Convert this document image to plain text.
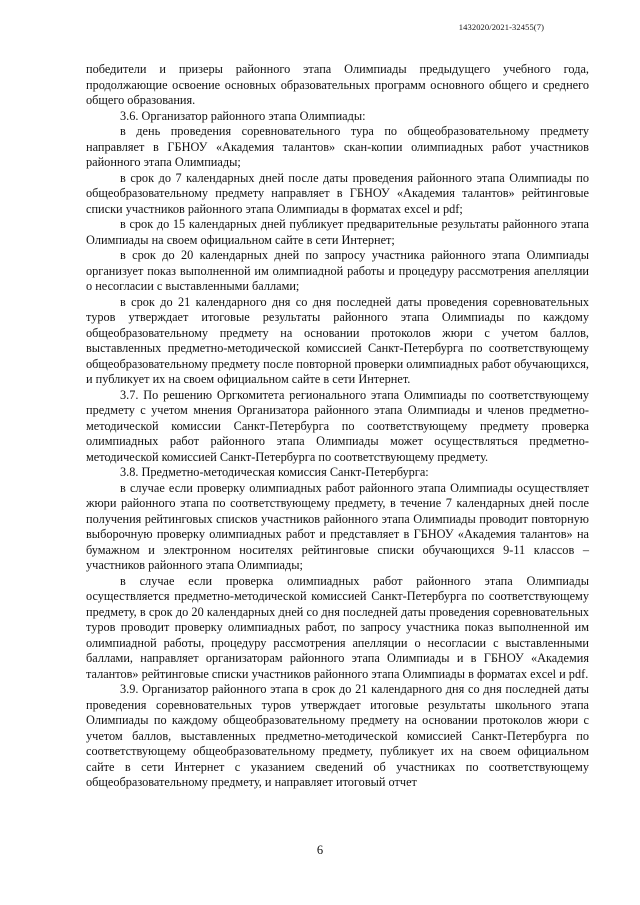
1432020/2021-32455(7)

победители и призеры районного этапа Олимпиады предыдущего учебного года, продолжающие освоение основных образовательных программ основного общего и среднего общего образования.

3.6. Организатор районного этапа Олимпиады:

в день проведения соревновательного тура по общеобразовательному предмету направляет в ГБНОУ «Академия талантов» скан-копии олимпиадных работ участников районного этапа Олимпиады;

в срок до 7 календарных дней после даты проведения районного этапа Олимпиады по общеобразовательному предмету направляет в ГБНОУ «Академия талантов» рейтинговые списки участников районного этапа Олимпиады в форматах excel и pdf;

в срок до 15 календарных дней публикует предварительные результаты районного этапа Олимпиады на своем официальном сайте в сети Интернет;

в срок до 20 календарных дней по запросу участника районного этапа Олимпиады организует показ выполненной им олимпиадной работы и процедуру рассмотрения апелляции о несогласии с выставленными баллами;

в срок до 21 календарного дня со дня последней даты проведения соревновательных туров утверждает итоговые результаты районного этапа Олимпиады по каждому общеобразовательному предмету на основании протоколов жюри с учетом баллов, выставленных предметно-методической комиссией Санкт-Петербурга по соответствующему общеобразовательному предмету после повторной проверки олимпиадных работ обучающихся, и публикует их на своем официальном сайте в сети Интернет.

3.7. По решению Оргкомитета регионального этапа Олимпиады по соответствующему предмету с учетом мнения Организатора районного этапа Олимпиады и членов предметно-методической комиссии Санкт-Петербурга по соответствующему предмету проверка олимпиадных работ районного этапа Олимпиады может осуществляться предметно-методической комиссией Санкт-Петербурга по соответствующему предмету.

3.8. Предметно-методическая комиссия Санкт-Петербурга:

в случае если проверку олимпиадных работ районного этапа Олимпиады осуществляет жюри районного этапа по соответствующему предмету, в течение 7 календарных дней после получения рейтинговых списков участников районного этапа Олимпиады проводит повторную выборочную проверку олимпиадных работ и представляет в ГБНОУ «Академия талантов» на бумажном и электронном носителях рейтинговые списки обучающихся 9-11 классов – участников районного этапа Олимпиады;

в случае если проверка олимпиадных работ районного этапа Олимпиады осуществляется предметно-методической комиссией Санкт-Петербурга по соответствующему предмету, в срок до 20 календарных дней со дня последней даты проведения соревновательных туров проводит проверку олимпиадных работ, по запросу участника показ выполненной им олимпиадной работы, процедуру рассмотрения апелляции о несогласии с выставленными баллами, направляет организаторам районного этапа Олимпиады и в ГБНОУ «Академия талантов» рейтинговые списки участников районного этапа Олимпиады в форматах excel и pdf.

3.9. Организатор районного этапа в срок до 21 календарного дня со дня последней даты проведения соревновательных туров утверждает итоговые результаты школьного этапа Олимпиады по каждому общеобразовательному предмету на основании протоколов жюри с учетом баллов, выставленных предметно-методической комиссией Санкт-Петербурга по соответствующему общеобразовательному предмету, публикует их на своем официальном сайте в сети Интернет с указанием сведений об участниках по соответствующему общеобразовательному предмету, и направляет итоговый отчет

6
